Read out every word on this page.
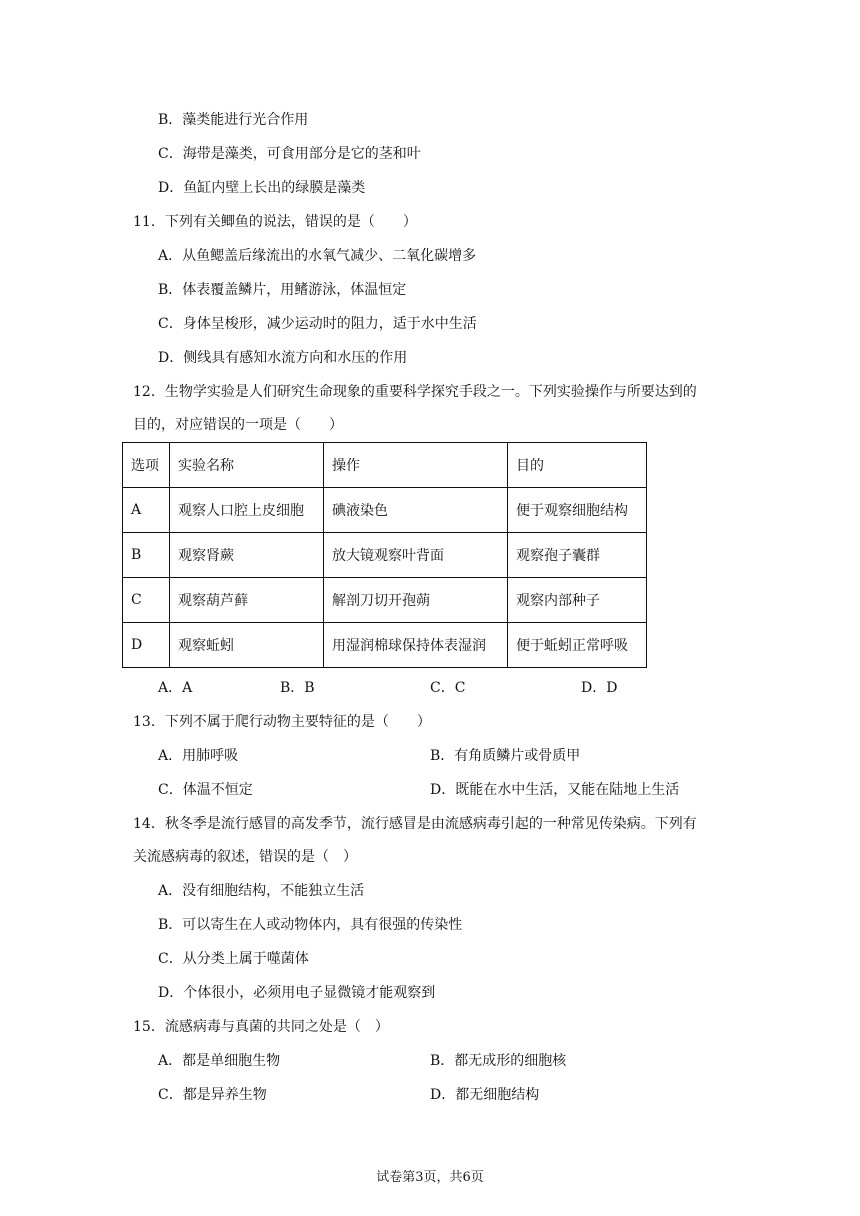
B．藻类能进行光合作用
C．海带是藻类，可食用部分是它的茎和叶
D．鱼缸内壁上长出的绿膜是藻类
11．下列有关鲫鱼的说法，错误的是（　　）
A．从鱼鳃盖后缘流出的水氧气减少、二氧化碳增多
B．体表覆盖鳞片，用鳍游泳，体温恒定
C．身体呈梭形，减少运动时的阻力，适于水中生活
D．侧线具有感知水流方向和水压的作用
12．生物学实验是人们研究生命现象的重要科学探究手段之一。下列实验操作与所要达到的
目的，对应错误的一项是（　　）
选项	实验名称	操作	目的
A	观察人口腔上皮细胞	碘液染色	便于观察细胞结构
B	观察肾蕨	放大镜观察叶背面	观察孢子囊群
C	观察葫芦藓	解剖刀切开孢蒴	观察内部种子
D	观察蚯蚓	用湿润棉球保持体表湿润	便于蚯蚓正常呼吸
A．A	B．B	C．C	D．D
13．下列不属于爬行动物主要特征的是（　　）
A．用肺呼吸	B．有角质鳞片或骨质甲
C．体温不恒定	D．既能在水中生活，又能在陆地上生活
14．秋冬季是流行感冒的高发季节，流行感冒是由流感病毒引起的一种常见传染病。下列有
关流感病毒的叙述，错误的是（　）
A．没有细胞结构，不能独立生活
B．可以寄生在人或动物体内，具有很强的传染性
C．从分类上属于噬菌体
D．个体很小，必须用电子显微镜才能观察到
15．流感病毒与真菌的共同之处是（　）
A．都是单细胞生物	B．都无成形的细胞核
C．都是异养生物	D．都无细胞结构
试卷第3页，共6页
